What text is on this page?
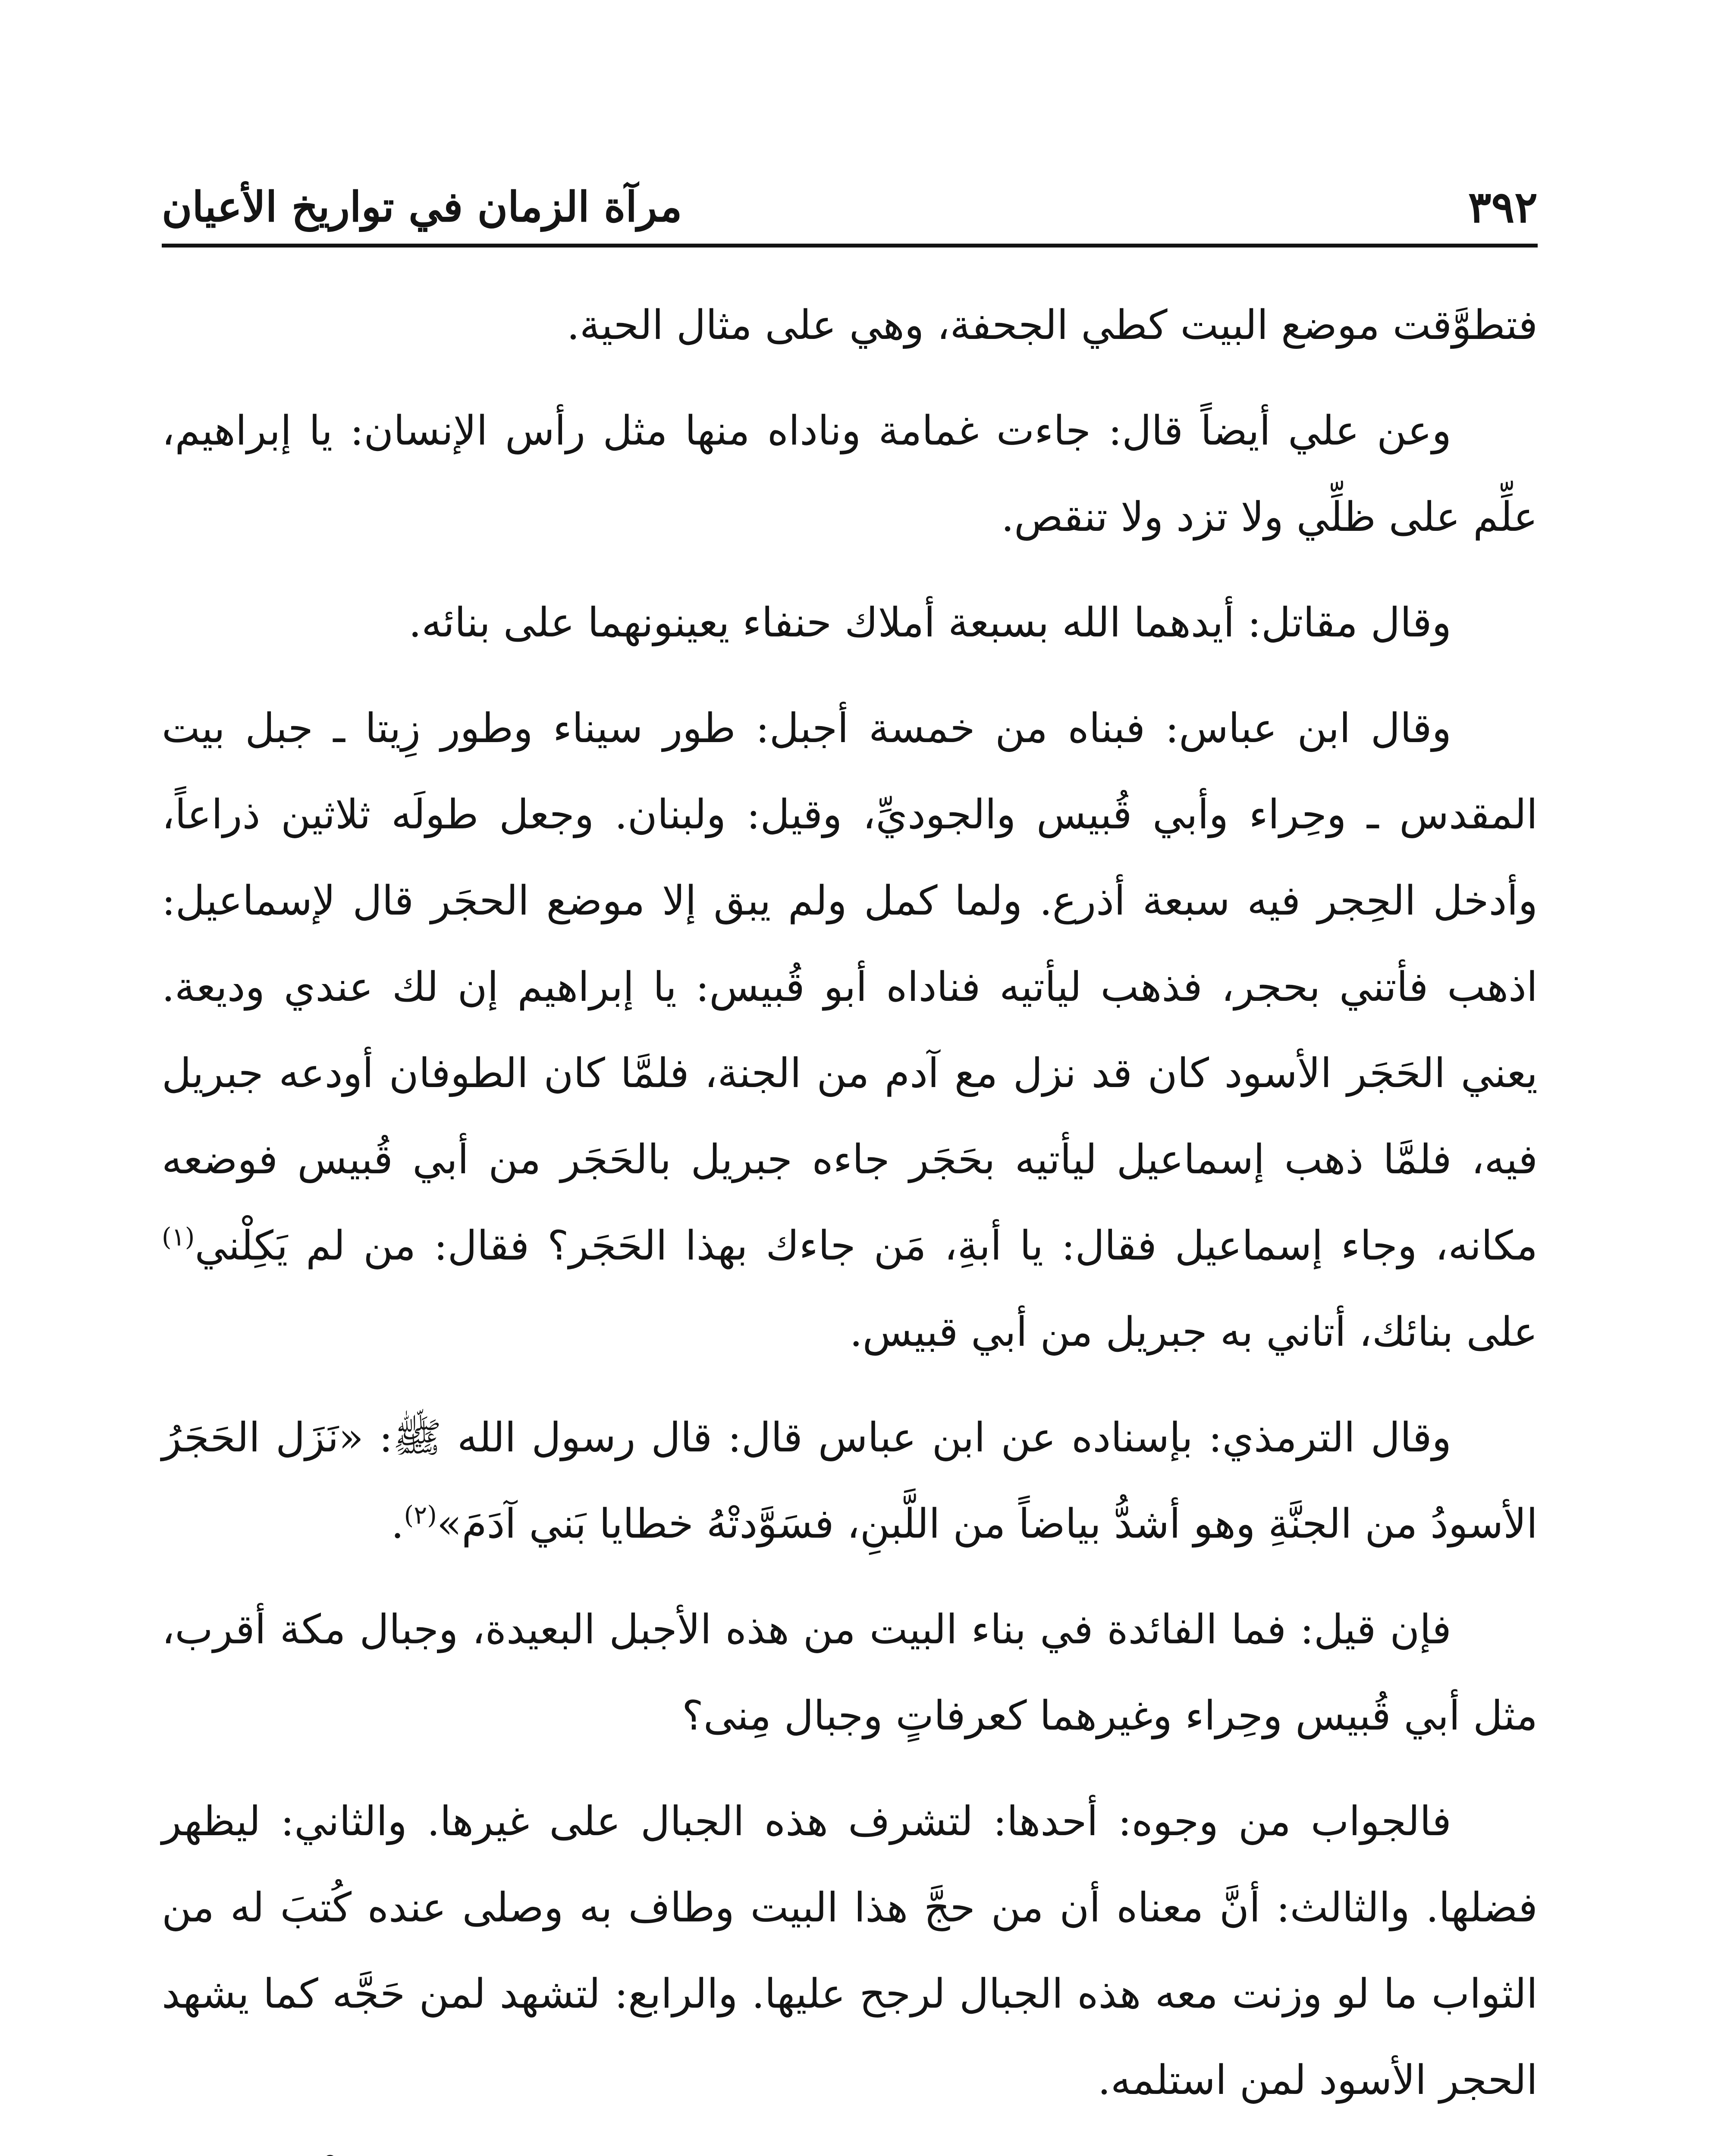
٣٩٢
مرآة الزمان في تواريخ الأعيان

فتطوَّقت موضع البيت كطي الجحفة، وهي على مثال الحية.

وعن علي أيضاً قال: جاءت غمامة وناداه منها مثل رأس الإنسان: يا إبراهيم، علِّم على ظلِّي ولا تزد ولا تنقص.

وقال مقاتل: أيدهما الله بسبعة أملاك حنفاء يعينونهما على بنائه.

وقال ابن عباس: فبناه من خمسة أجبل: طور سيناء وطور زِيتا ـ جبل بيت المقدس ـ وحِراء وأبي قُبيس والجوديِّ، وقيل: ولبنان. وجعل طولَه ثلاثين ذراعاً، وأدخل الحِجر فيه سبعة أذرع. ولما كمل ولم يبق إلا موضع الحجَر قال لإسماعيل: اذهب فأتني بحجر، فذهب ليأتيه فناداه أبو قُبيس: يا إبراهيم إن لك عندي وديعة. يعني الحَجَر الأسود كان قد نزل مع آدم من الجنة، فلمَّا كان الطوفان أودعه جبريل فيه، فلمَّا ذهب إسماعيل ليأتيه بحَجَر جاءه جبريل بالحَجَر من أبي قُبيس فوضعه مكانه، وجاء إسماعيل فقال: يا أبةِ، مَن جاءك بهذا الحَجَر؟ فقال: من لم يَكِلْني$^{(١)}$ على بنائك، أتاني به جبريل من أبي قبيس.

وقال الترمذي: بإسناده عن ابن عباس قال: قال رسول الله ﷺ: «نَزَل الحَجَرُ الأسودُ من الجنَّةِ وهو أشدُّ بياضاً من اللَّبنِ، فسَوَّدتْهُ خطايا بَني آدَمَ»$^{(٢)}$.

فإن قيل: فما الفائدة في بناء البيت من هذه الأجبل البعيدة، وجبال مكة أقرب، مثل أبي قُبيس وحِراء وغيرهما كعرفاتٍ وجبال مِنى؟

فالجواب من وجوه: أحدها: لتشرف هذه الجبال على غيرها. والثاني: ليظهر فضلها. والثالث: أنَّ معناه أن من حجَّ هذا البيت وطاف به وصلى عنده كُتبَ له من الثواب ما لو وزنت معه هذه الجبال لرجح عليها. والرابع: لتشهد لمن حَجَّه كما يشهد الحجر الأسود لمن استلمه.
